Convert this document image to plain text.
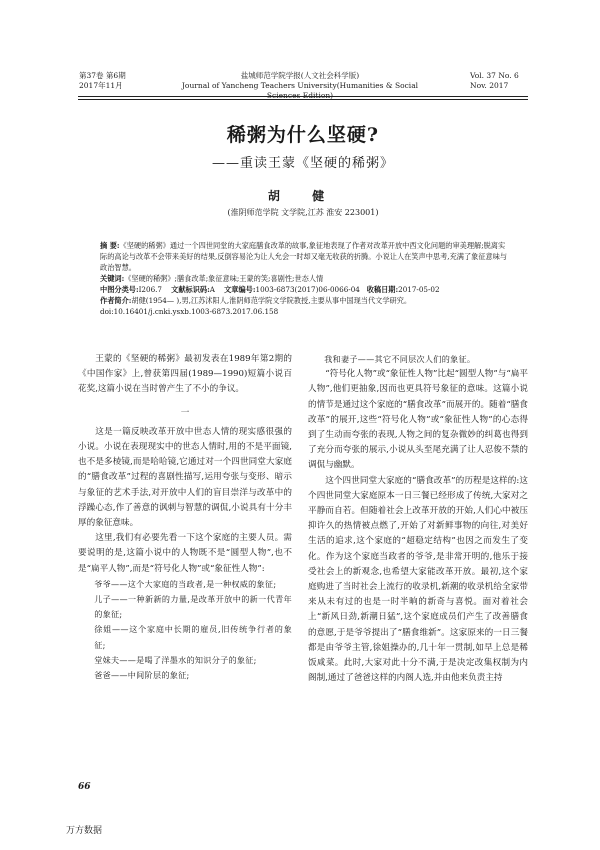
第37卷 第6期
2017年11月
盐城师范学院学报(人文社会科学版)
Journal of Yancheng Teachers University(Humanities & Social Sciences Edition)
Vol. 37 No. 6
Nov. 2017
稀粥为什么坚硬?
——重读王蒙《坚硬的稀粥》
胡 健
(淮阴师范学院 文学院,江苏 淮安 223001)

摘 要:《坚硬的稀粥》通过一个四世同堂的大家庭膳食改革的故事,象征地表现了作者对改革开放中西文化问题的审美理解;脱离实际的高论与改革不会带来美好的结果,反倒容易沦为让人允会一时却又毫无收获的折腾。小说让人在笑声中思考,充满了象征意味与政治智慧。

关键词:《坚硬的稀粥》;膳食改革;象征意味;王蒙的笑;喜剧性;世态人情

中图分类号:I206.7 文献标识码:A 文章编号:1003-6873(2017)06-0066-04 收稿日期:2017-05-02

作者简介:胡健(1954— ),男,江苏沭阳人,淮阴师范学院文学院教授,主要从事中国现当代文学研究。

doi:10.16401/j.cnki.ysxb.1003-6873.2017.06.158

王蒙的《坚硬的稀粥》最初发表在1989年第2期的《中国作家》上,曾获第四届(1989—1990)短篇小说百花奖,这篇小说在当时曾产生了不小的争议。

一

这是一篇反映改革开放中世态人情的现实感很强的小说。小说在表现现实中的世态人情时,用的不是平面镜,也不是多棱镜,而是哈哈镜,它通过对一个四世同堂大家庭的“膳食改革”过程的喜剧性描写,运用夸张与变形、暗示与象征的艺术手法,对开放中人们的盲目崇洋与改革中的浮躁心态,作了善意的讽刺与智慧的调侃,小说具有十分丰厚的象征意味。

这里,我们有必要先看一下这个家庭的主要人员。需要说明的是,这篇小说中的人物既不是“圆型人物”,也不是“扁平人物”,而是“符号化人物”或“象征性人物”:

爷爷——这个大家庭的当政者,是一种权威的象征;

儿子——一种新新的力量,是改革开放中的新一代青年的象征;

徐姐——这个家庭中长期的雇员,旧传统争行者的象征;

堂妹夫——是喝了洋墨水的知识分子的象征;

爸爸——中间阶层的象征;

我和妻子——其它不同层次人们的象征。

“符号化人物”或“象征性人物”比起“圆型人物”与“扁平人物”,他们更抽象,因而也更具符号象征的意味。这篇小说的情节是通过这个家庭的“膳食改革”而展开的。随着“膳食改革”的展开,这些“符号化人物”或“象征性人物”的心态得到了生动而夸张的表现,人物之间的复杂微妙的纠葛也得到了充分而夸张的展示,小说从头至尾充满了让人忍俊不禁的调侃与幽默。

这个四世同堂大家庭的“膳食改革”的历程是这样的:这个四世同堂大家庭原本一日三餐已经形成了传统,大家对之平静而自若。但随着社会上改革开放的开始,人们心中被压抑许久的热情被点燃了,开始了对新鲜事物的向往,对美好生活的追求,这个家庭的“超稳定结构”也因之而发生了变化。作为这个家庭当政者的爷爷,是非常开明的,他乐于接受社会上的新观念,也希望大家能改革开放。最初,这个家庭购进了当时社会上流行的收录机,新潮的收录机给全家带来从未有过的也是一时半晌的新奇与喜悦。面对着社会上“新风日劲,新潮日猛”,这个家庭成员们产生了改善膳食的意愿,于是爷爷提出了“膳食维新”。这家原来的一日三餐都是由爷爷主管,徐姐操办的,几十年一贯制,如早上总是稀饭咸菜。此时,大家对此十分不满,于是决定改集权制为内阁制,通过了爸爸这样的内阁人选,并由他来负责主持

66
万方数据
